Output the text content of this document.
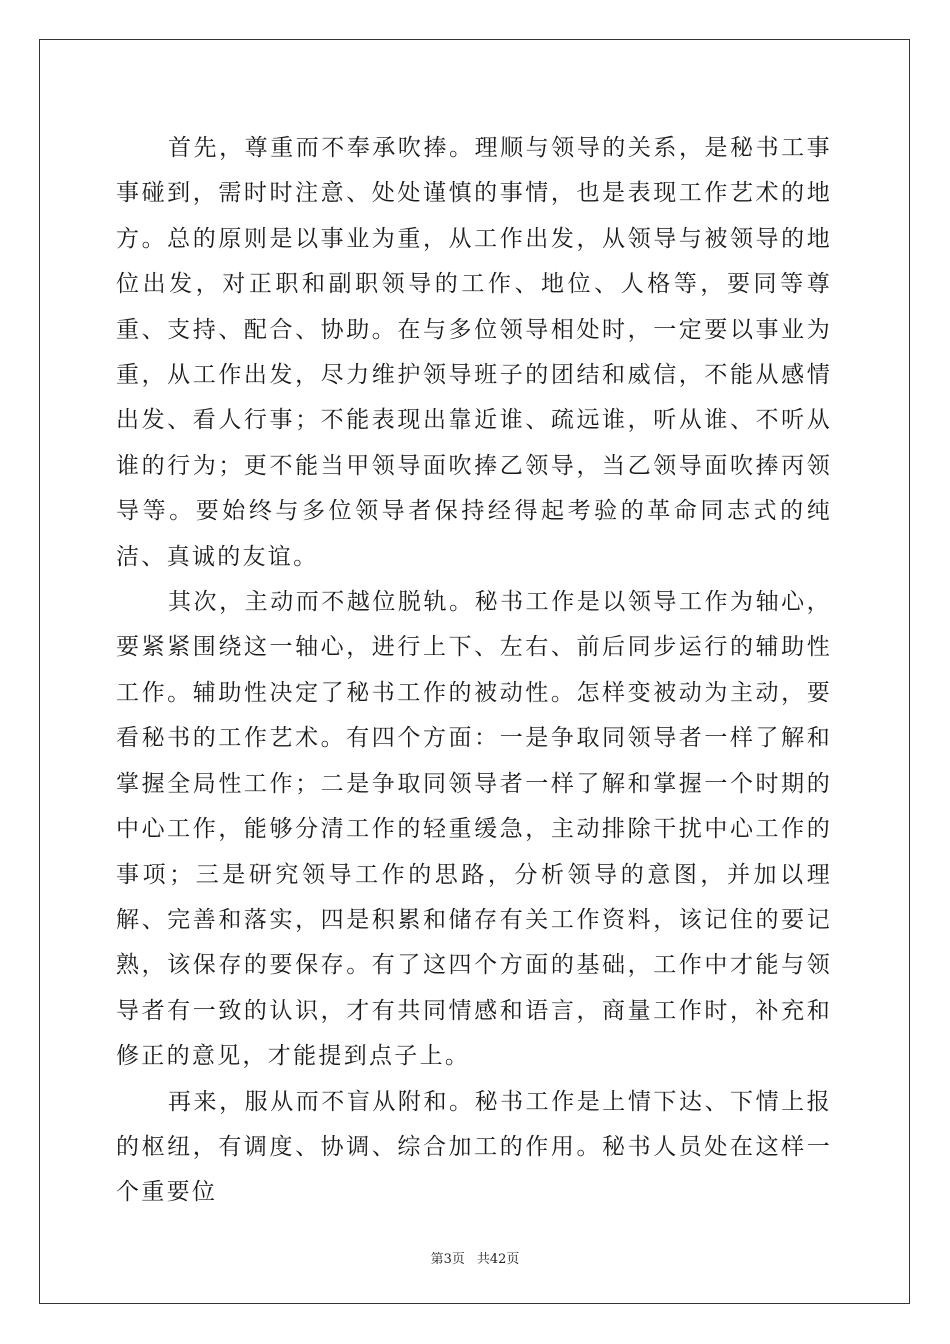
首先，尊重而不奉承吹捧。理顺与领导的关系，是秘书工事事碰到，需时时注意、处处谨慎的事情，也是表现工作艺术的地方。总的原则是以事业为重，从工作出发，从领导与被领导的地位出发，对正职和副职领导的工作、地位、人格等，要同等尊重、支持、配合、协助。在与多位领导相处时，一定要以事业为重，从工作出发，尽力维护领导班子的团结和威信，不能从感情出发、看人行事；不能表现出靠近谁、疏远谁，听从谁、不听从谁的行为；更不能当甲领导面吹捧乙领导，当乙领导面吹捧丙领导等。要始终与多位领导者保持经得起考验的革命同志式的纯洁、真诚的友谊。

其次，主动而不越位脱轨。秘书工作是以领导工作为轴心，要紧紧围绕这一轴心，进行上下、左右、前后同步运行的辅助性工作。辅助性决定了秘书工作的被动性。怎样变被动为主动，要看秘书的工作艺术。有四个方面：一是争取同领导者一样了解和掌握全局性工作；二是争取同领导者一样了解和掌握一个时期的中心工作，能够分清工作的轻重缓急，主动排除干扰中心工作的事项；三是研究领导工作的思路，分析领导的意图，并加以理解、完善和落实，四是积累和储存有关工作资料，该记住的要记熟，该保存的要保存。有了这四个方面的基础，工作中才能与领导者有一致的认识，才有共同情感和语言，商量工作时，补充和修正的意见，才能提到点子上。

再来，服从而不盲从附和。秘书工作是上情下达、下情上报的枢纽，有调度、协调、综合加工的作用。秘书人员处在这样一个重要位

第3页 共42页
